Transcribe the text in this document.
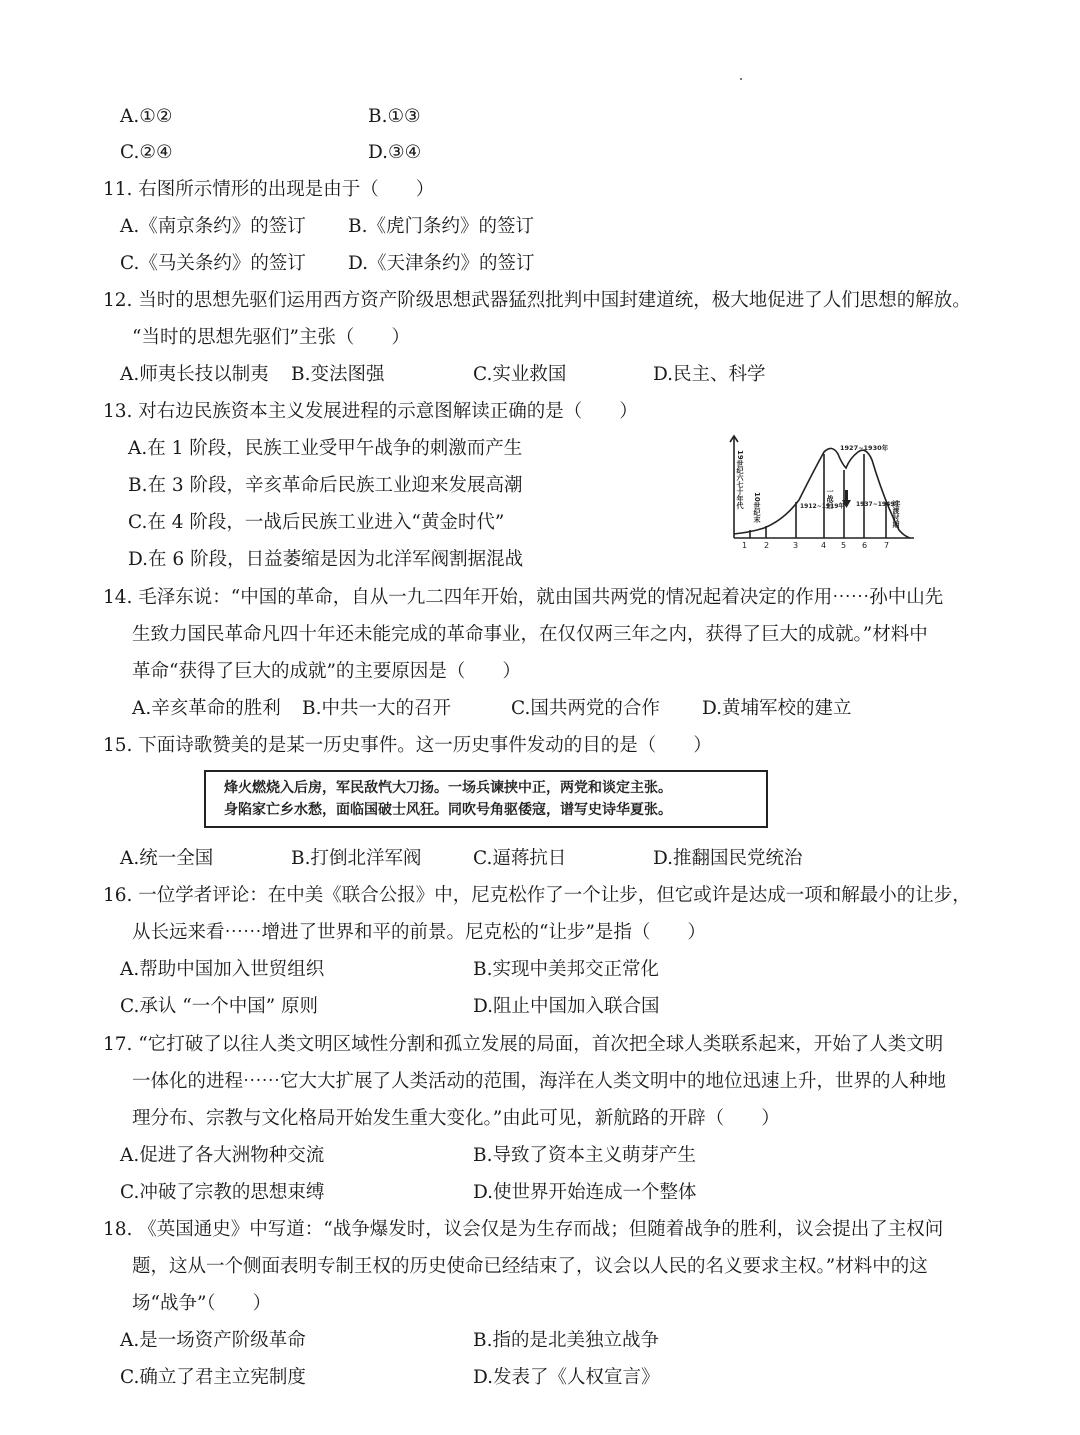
A.①②	B.①③
C.②④	D.③④
11. 右图所示情形的出现是由于（　　）
A.《南京条约》的签订 B.《虎门条约》的签订
C.《马关条约》的签订 D.《天津条约》的签订
12. 当时的思想先驱们运用西方资产阶级思想武器猛烈批判中国封建道统，极大地促进了人们思想的解放。
“当时的思想先驱们”主张（　　）
A.师夷长技以制夷 B.变法图强	C.实业救国	D.民主、科学
13. 对右边民族资本主义发展进程的示意图解读正确的是（　　）
A.在 1 阶段，民族工业受甲午战争的刺激而产生
B.在 3 阶段，辛亥革命后民族工业迎来发展高潮
C.在 4 阶段，一战后民族工业进入“黄金时代”
D.在 6 阶段，日益萎缩是因为北洋军阀割据混战
19世纪六七十年代 10世纪末	1912~1919年
一战后
1927~1930年
1937~1949年
过渡时期
1 2	3	4 5 6 7
14. 毛泽东说：“中国的革命，自从一九二四年开始，就由国共两党的情况起着决定的作用⋯⋯孙中山先
生致力国民革命凡四十年还未能完成的革命事业，在仅仅两三年之内，获得了巨大的成就。”材料中
革命“获得了巨大的成就”的主要原因是（　　）
A.辛亥革命的胜利 B.中共一大的召开	C.国共两党的合作 D.黄埔军校的建立
15. 下面诗歌赞美的是某一历史事件。这一历史事件发动的目的是（　　）
烽火燃烧入后房，军民敌忾大刀扬。一场兵谏挟中正，两党和谈定主张。
身陷家亡乡水愁，面临国破士风狂。同吹号角驱倭寇，谱写史诗华夏张。
A.统一全国	B.打倒北洋军阀	C.逼蒋抗日	D.推翻国民党统治
16. 一位学者评论：在中美《联合公报》中，尼克松作了一个让步，但它或许是达成一项和解最小的让步，
从长远来看⋯⋯增进了世界和平的前景。尼克松的“让步”是指（　　）
A.帮助中国加入世贸组织	B.实现中美邦交正常化
C.承认 “一个中国” 原则	D.阻止中国加入联合国
17. “它打破了以往人类文明区域性分割和孤立发展的局面，首次把全球人类联系起来，开始了人类文明
一体化的进程⋯⋯它大大扩展了人类活动的范围，海洋在人类文明中的地位迅速上升，世界的人种地
理分布、宗教与文化格局开始发生重大变化。”由此可见，新航路的开辟（　　）
A.促进了各大洲物种交流	B.导致了资本主义萌芽产生
C.冲破了宗教的思想束缚	D.使世界开始连成一个整体
18. 《英国通史》中写道：“战争爆发时，议会仅是为生存而战；但随着战争的胜利，议会提出了主权问
题，这从一个侧面表明专制王权的历史使命已经结束了，议会以人民的名义要求主权。”材料中的这
场“战争”（　　）
A.是一场资产阶级革命	B.指的是北美独立战争
C.确立了君主立宪制度	D.发表了《人权宣言》
